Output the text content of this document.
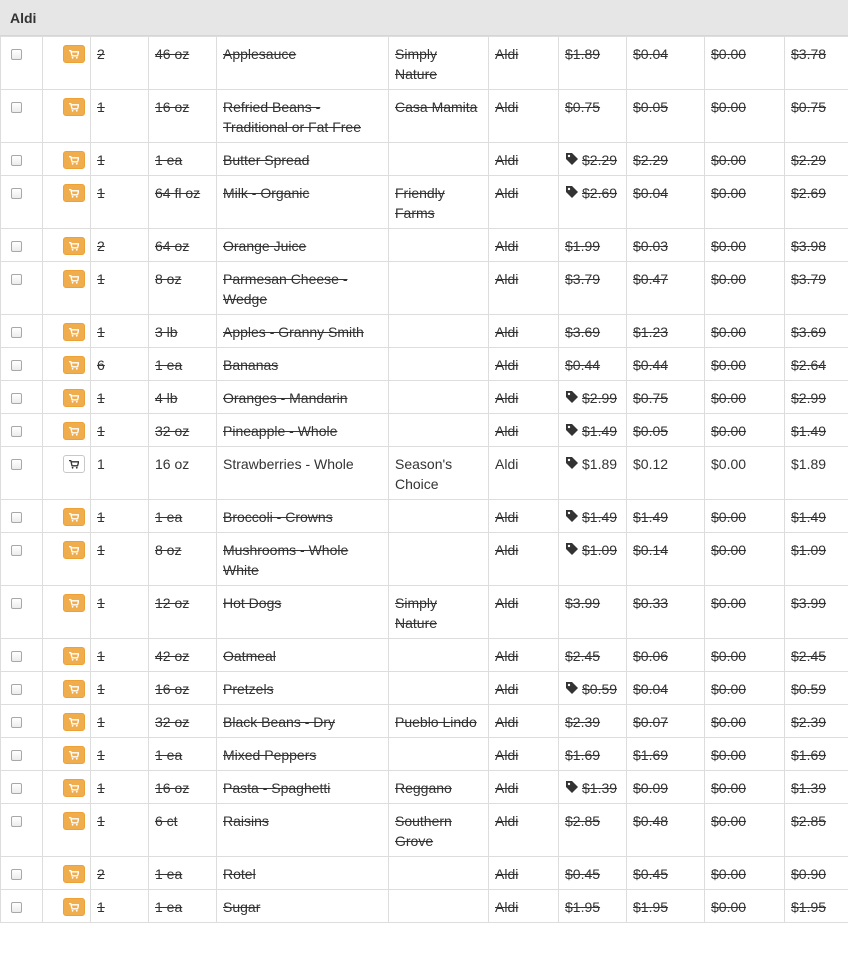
Aldi

	2	46 oz	Applesauce	Simply Nature	Aldi	$1.89	$0.04	$0.00	$3.78

	1	16 oz	Refried Beans - Traditional or Fat Free	Casa Mamita	Aldi	$0.75	$0.05	$0.00	$0.75

	1	1 ea	Butter Spread		Aldi	$2.29	$2.29	$0.00	$2.29

	1	64 fl oz	Milk - Organic	Friendly Farms	Aldi	$2.69	$0.04	$0.00	$2.69

	2	64 oz	Orange Juice		Aldi	$1.99	$0.03	$0.00	$3.98

	1	8 oz	Parmesan Cheese - Wedge		Aldi	$3.79	$0.47	$0.00	$3.79

	1	3 lb	Apples - Granny Smith		Aldi	$3.69	$1.23	$0.00	$3.69

	6	1 ea	Bananas		Aldi	$0.44	$0.44	$0.00	$2.64

	1	4 lb	Oranges - Mandarin		Aldi	$2.99	$0.75	$0.00	$2.99

	1	32 oz	Pineapple - Whole		Aldi	$1.49	$0.05	$0.00	$1.49

	1	16 oz	Strawberries - Whole	Season's Choice	Aldi	$1.89	$0.12	$0.00	$1.89

	1	1 ea	Broccoli - Crowns		Aldi	$1.49	$1.49	$0.00	$1.49

	1	8 oz	Mushrooms - Whole White		Aldi	$1.09	$0.14	$0.00	$1.09

	1	12 oz	Hot Dogs	Simply Nature	Aldi	$3.99	$0.33	$0.00	$3.99

	1	42 oz	Oatmeal		Aldi	$2.45	$0.06	$0.00	$2.45

	1	16 oz	Pretzels		Aldi	$0.59	$0.04	$0.00	$0.59

	1	32 oz	Black Beans - Dry	Pueblo Lindo	Aldi	$2.39	$0.07	$0.00	$2.39

	1	1 ea	Mixed Peppers		Aldi	$1.69	$1.69	$0.00	$1.69

	1	16 oz	Pasta - Spaghetti	Reggano	Aldi	$1.39	$0.09	$0.00	$1.39

	1	6 ct	Raisins	Southern Grove	Aldi	$2.85	$0.48	$0.00	$2.85

	2	1 ea	Rotel		Aldi	$0.45	$0.45	$0.00	$0.90

	1	1 ea	Sugar		Aldi	$1.95	$1.95	$0.00	$1.95
